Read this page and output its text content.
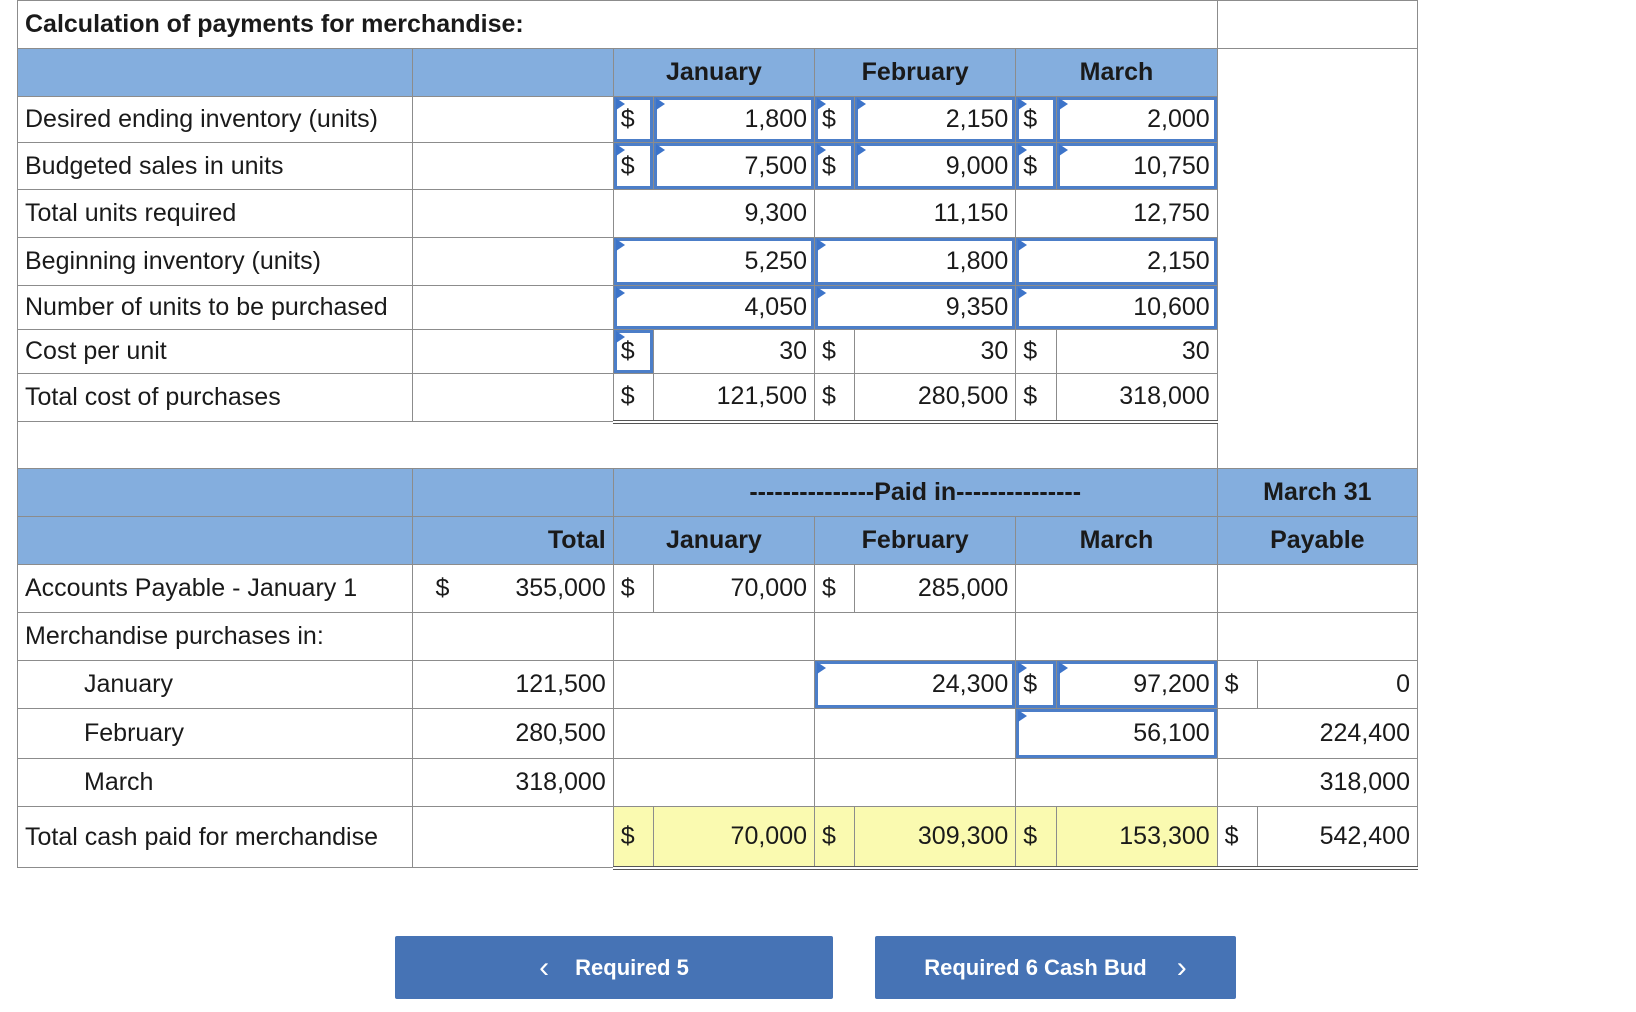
Calculation of payments for merchandise:									
		January		February		March			
Desired ending inventory (units)		$	1,800	$	2,150	$	2,000		
Budgeted sales in units		$	7,500	$	9,000	$	10,750		
Total units required		9,300		11,150		12,750			
Beginning inventory (units)		5,250		1,800		2,150			
Number of units to be purchased		4,050		9,350		10,600			
Cost per unit		$	30	$	30	$	30		
Total cost of purchases		$	121,500	$	280,500	$	318,000		

		---------------Paid in---------------						March 31	
	Total	January		February		March		Payable	
Accounts Payable - January 1	$ 355,000	$	70,000	$	285,000				
Merchandise purchases in:									
January	121,500			24,300		$	97,200	$	0
February	280,500					56,100		224,400	
March	318,000							318,000	
Total cash paid for merchandise		$	70,000	$	309,300	$	153,300	$	542,400
‹ Required 5	Required 6 Cash Bud ›
